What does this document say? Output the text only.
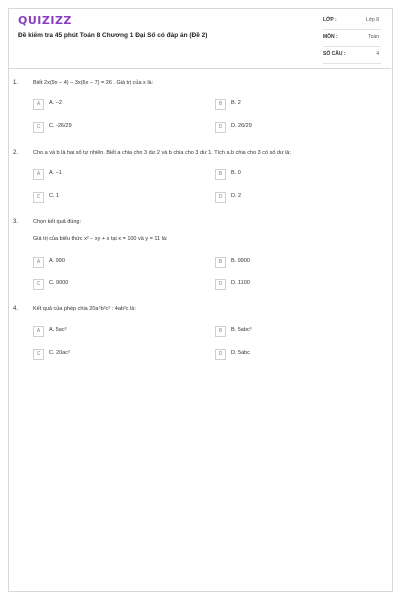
QUIZIZZ
Đề kiểm tra 45 phút Toán 8 Chương 1 Đại Số có đáp án (Đề 2)
LỚP :	Lớp 8
MÔN :	Toán
SỐ CÂU :	4
1.	Biết 2x(9x − 4) − 3x(6x − 7) = 26 . Giá trị của x là:
A	A. −2	B	B. 2
C	C. -26/29	D	D. 26/29
2.	Cho a và b là hai số tự nhiên. Biết a chia cho 3 dư 2 và b chia cho 3 dư 1. Tích a.b chia cho 3 có số dư là:
A	A. −1	B	B. 0
C	C. 1	D	D. 2
3.	Chọn kết quả đúng:
Giá trị của biểu thức x² − xy + x tại x = 100 và y = 11 là:
A	A. 990	B	B. 9900
C	C. 9000	D	D. 1100
4.	Kết quả của phép chia 20a⁵b²c² : 4ab²c là:
A	A. 5ac³	B	B. 5abc³
C	C. 20ac²	D	D. 5abc
